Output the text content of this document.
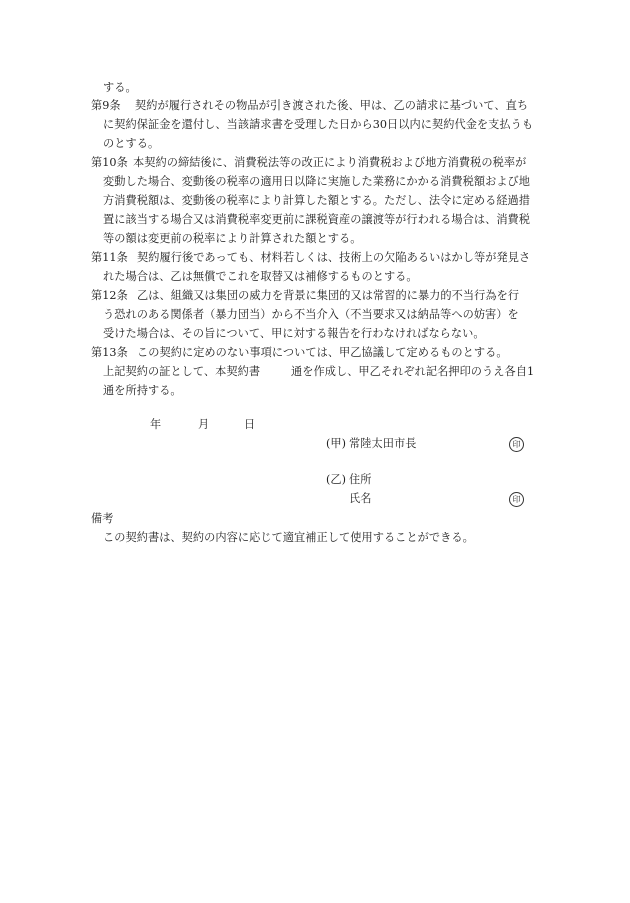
する。
第9条 契約が履行されその物品が引き渡された後、甲は、乙の請求に基づいて、直ち
に契約保証金を還付し、当該請求書を受理した日から30日以内に契約代金を支払うも
のとする。
第10条 本契約の締結後に、消費税法等の改正により消費税および地方消費税の税率が
変動した場合、変動後の税率の適用日以降に実施した業務にかかる消費税額および地
方消費税額は、変動後の税率により計算した額とする。ただし、法令に定める経過措
置に該当する場合又は消費税率変更前に課税資産の譲渡等が行われる場合は、消費税
等の額は変更前の税率により計算された額とする。
第11条 契約履行後であっても、材料若しくは、技術上の欠陥あるいはかし等が発見さ
れた場合は、乙は無償でこれを取替又は補修するものとする。
第12条 乙は、組織又は集団の威力を背景に集団的又は常習的に暴力的不当行為を行
う恐れのある関係者（暴力団当）から不当介入（不当要求又は納品等への妨害）を
受けた場合は、その旨について、甲に対する報告を行わなければならない。
第13条 この契約に定めのない事項については、甲乙協議して定めるものとする。
上記契約の証として、本契約書	通を作成し、甲乙それぞれ記名押印のうえ各自1
通を所持する。
年	月	日
(甲) 常陸太田市長	印
(乙) 住所
氏名	印
備考
この契約書は、契約の内容に応じて適宜補正して使用することができる。
